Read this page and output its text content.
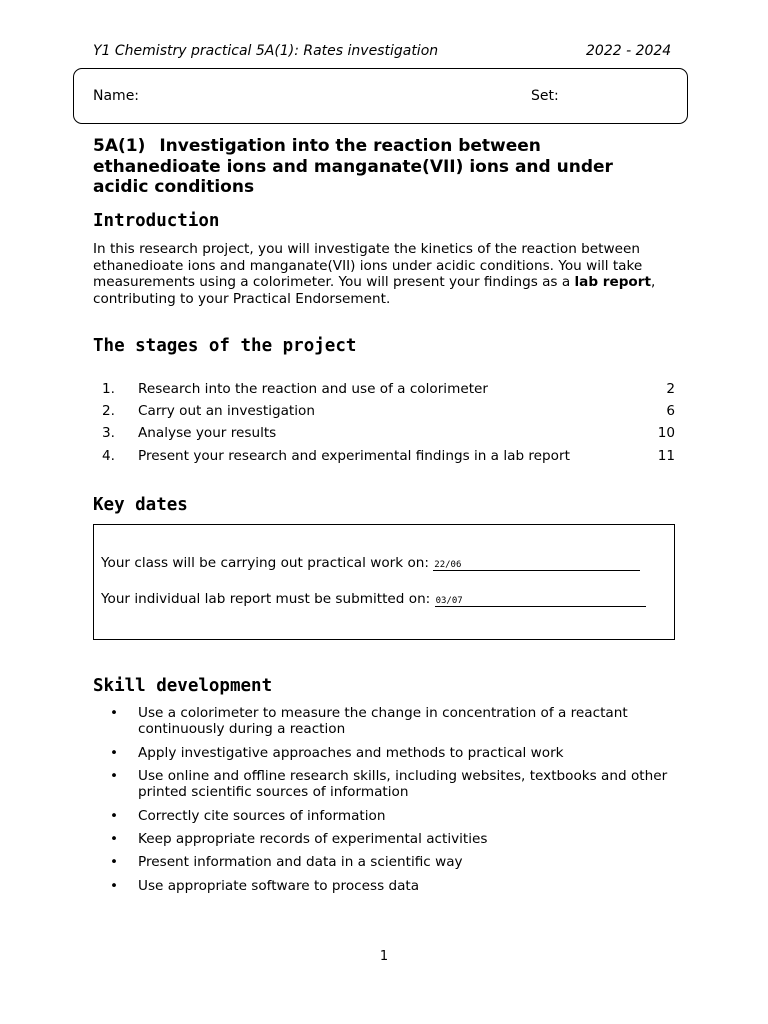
Y1 Chemistry practical 5A(1): Rates investigation	2022 - 2024
Name:	Set:
5A(1) Investigation into the reaction between
ethanedioate ions and manganate(VII) ions and under
acidic conditions
Introduction
In this research project, you will investigate the kinetics of the reaction between ethanedioate ions and manganate(VII) ions under acidic conditions. You will take measurements using a colorimeter. You will present your findings as a lab report, contributing to your Practical Endorsement.
The stages of the project
1. Research into the reaction and use of a colorimeter	2
2. Carry out an investigation	6
3. Analyse your results	10
4. Present your research and experimental findings in a lab report	11
Key dates
Your class will be carrying out practical work on: 22/06
Your individual lab report must be submitted on: 03/07
Skill development
• Use a colorimeter to measure the change in concentration of a reactant continuously during a reaction
• Apply investigative approaches and methods to practical work
• Use online and offline research skills, including websites, textbooks and other printed scientific sources of information
• Correctly cite sources of information
• Keep appropriate records of experimental activities
• Present information and data in a scientific way
• Use appropriate software to process data
1
